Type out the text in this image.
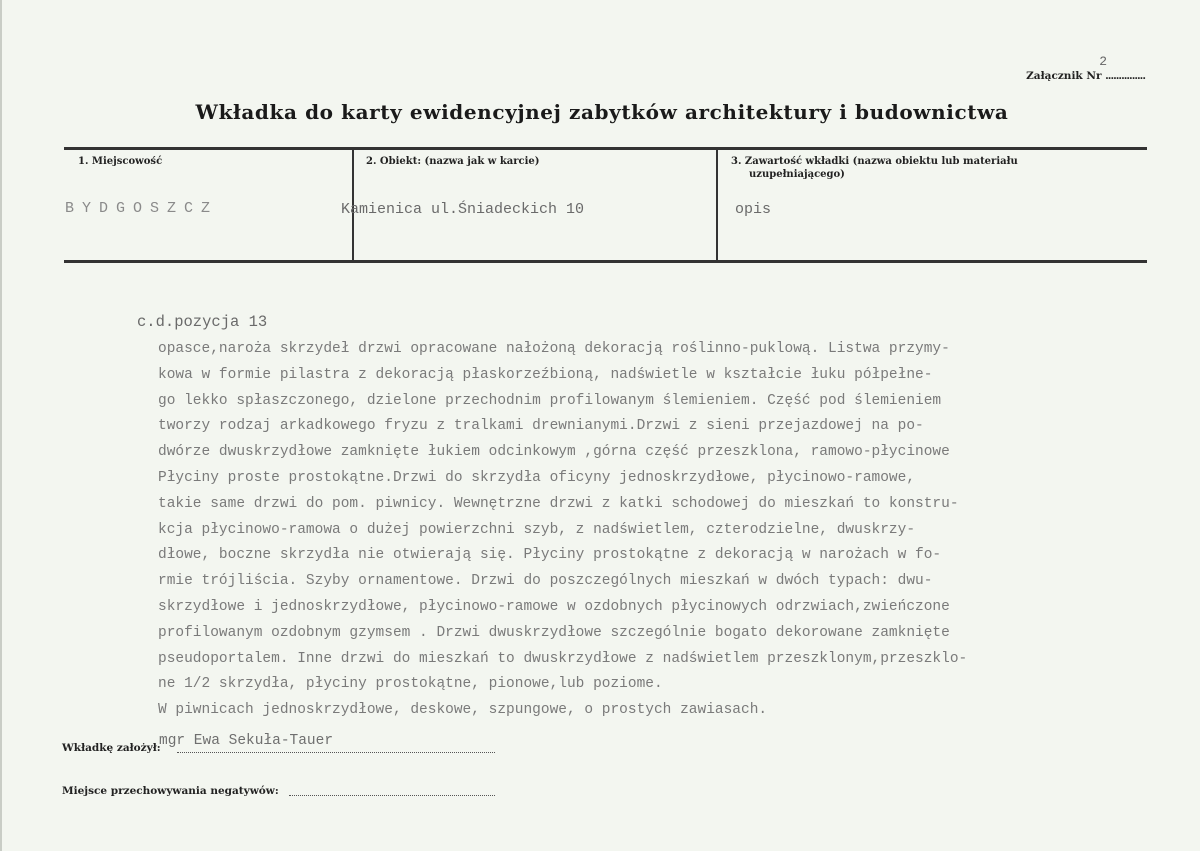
2
Załącznik Nr ...............
Wkładka do karty ewidencyjnej zabytków architektury i budownictwa
1. Miejscowość	2. Obiekt: (nazwa jak w karcie)	3. Zawartość wkładki (nazwa obiektu lub materiału
uzupełniającego)
BYDGOSZCZ	Kamienica ul.Śniadeckich 10	opis
c.d.pozycja 13
opasce,naroża skrzydeł drzwi opracowane nałożoną dekoracją roślinno-puklową. Listwa przymy-
kowa w formie pilastra z dekoracją płaskorzeźbioną, nadświetle w kształcie łuku półpełne-
go lekko spłaszczonego, dzielone przechodnim profilowanym ślemieniem. Część pod ślemieniem
tworzy rodzaj arkadkowego fryzu z tralkami drewnianymi.Drzwi z sieni przejazdowej na po-
dwórze dwuskrzydłowe zamknięte łukiem odcinkowym ,górna część przeszklona, ramowo-płycinowe
Płyciny proste prostokątne.Drzwi do skrzydła oficyny jednoskrzydłowe, płycinowo-ramowe,
takie same drzwi do pom. piwnicy. Wewnętrzne drzwi z katki schodowej do mieszkań to konstru-
kcja płycinowo-ramowa o dużej powierzchni szyb, z nadświetlem, czterodzielne, dwuskrzy-
dłowe, boczne skrzydła nie otwierają się. Płyciny prostokątne z dekoracją w narożach w fo-
rmie trójliścia. Szyby ornamentowe. Drzwi do poszczególnych mieszkań w dwóch typach: dwu-
skrzydłowe i jednoskrzydłowe, płycinowo-ramowe w ozdobnych płycinowych odrzwiach,zwieńczone
profilowanym ozdobnym gzymsem . Drzwi dwuskrzydłowe szczególnie bogato dekorowane zamknięte
pseudoportalem. Inne drzwi do mieszkań to dwuskrzydłowe z nadświetlem przeszklonym,przeszklo-
ne 1/2 skrzydła, płyciny prostokątne, pionowe,lub poziome.
W piwnicach jednoskrzydłowe, deskowe, szpungowe, o prostych zawiasach.
Wkładkę założył:
mgr Ewa Sekuła-Tauer
Miejsce przechowywania negatywów:
